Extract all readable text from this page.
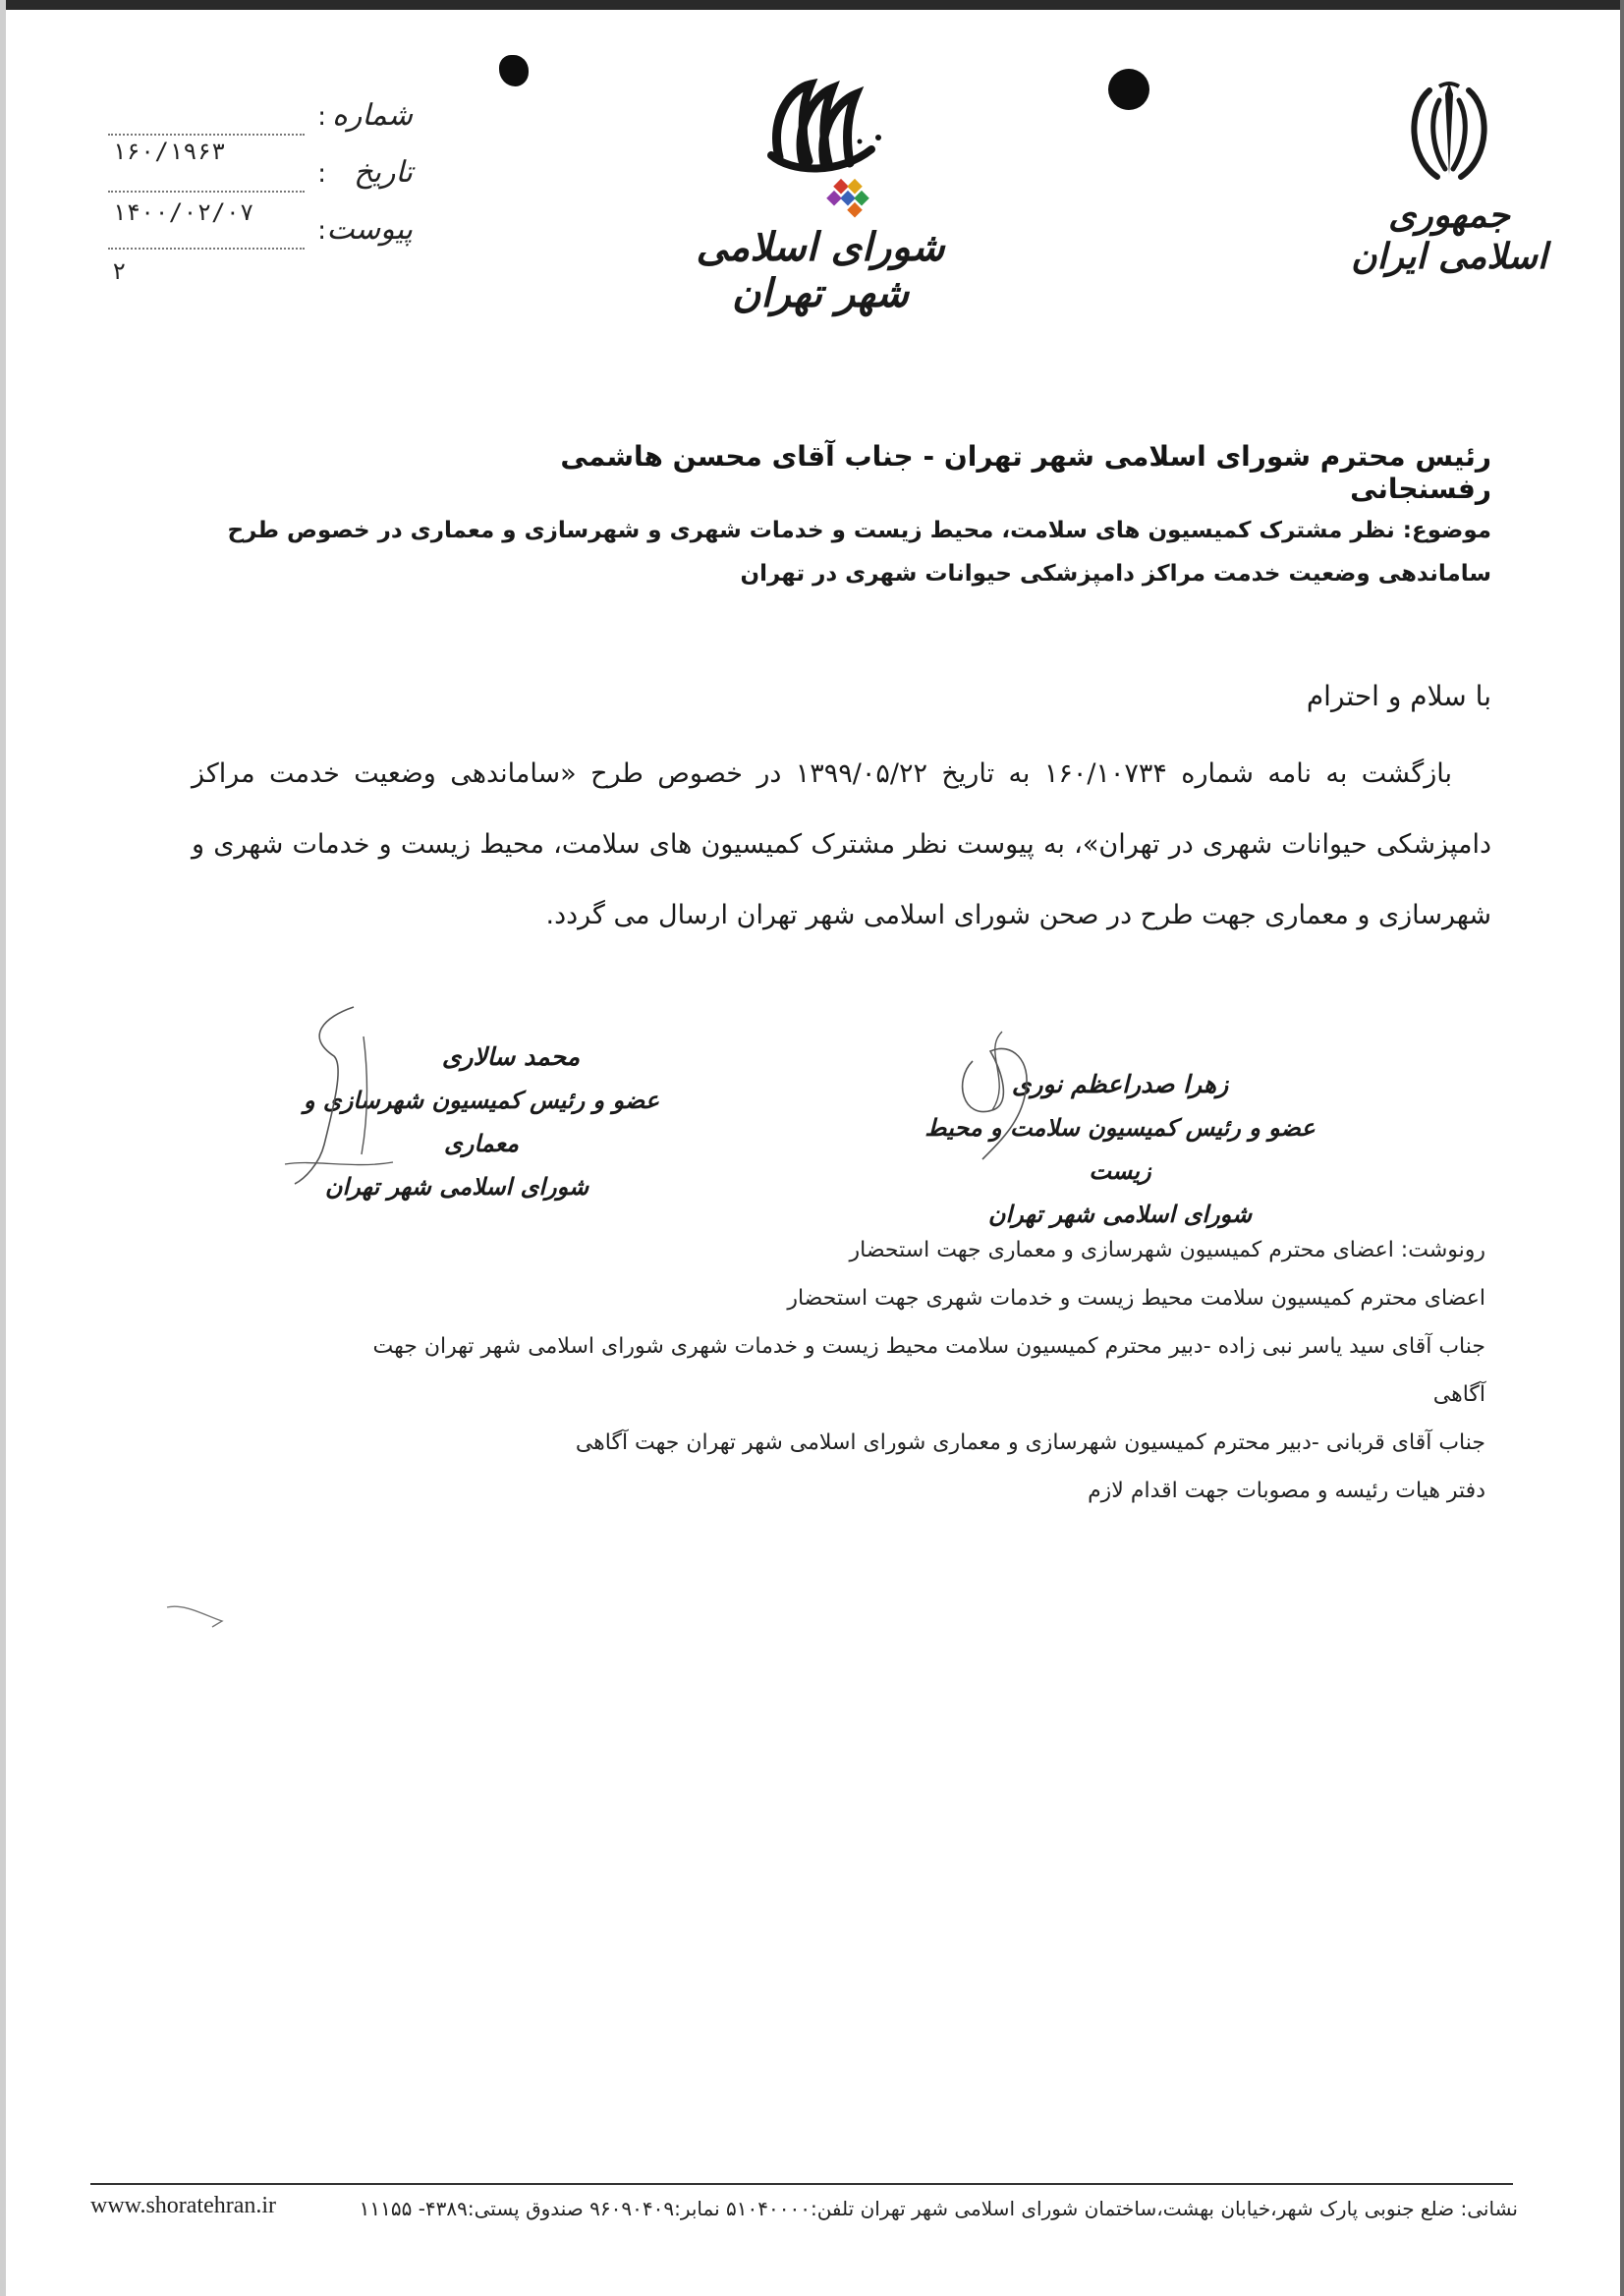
جمهوری اسلامی ایران
شورای اسلامی شهر تهران
شماره
:
۱۶۰/۱۹۶۳
تاریخ
:
۱۴۰۰/۰۲/۰۷ پیوست
:
۲
رئیس محترم شورای اسلامی شهر تهران - جناب آقای محسن هاشمی رفسنجانی
موضوع: نظر مشترک کمیسیون های سلامت، محیط زیست و خدمات شهری و شهرسازی و معماری در خصوص طرح ساماندهی وضعیت خدمت مراکز دامپزشکی حیوانات شهری در تهران
با سلام و احترام
بازگشت به نامه شماره ۱۶۰/۱۰۷۳۴ به تاریخ ۱۳۹۹/۰۵/۲۲ در خصوص طرح «ساماندهی وضعیت خدمت مراکز دامپزشکی حیوانات شهری در تهران»، به پیوست نظر مشترک کمیسیون های سلامت، محیط زیست و خدمات شهری و شهرسازی و معماری جهت طرح در صحن شورای اسلامی شهر تهران ارسال می گردد.
زهرا صدراعظم نوری
عضو و رئیس کمیسیون سلامت و محیط زیست
شورای اسلامی شهر تهران
محمد سالاری
عضو و رئیس کمیسیون شهرسازی و معماری
شورای اسلامی شهر تهران
رونوشت: اعضای محترم کمیسیون شهرسازی و معماری جهت استحضار
اعضای محترم کمیسیون سلامت محیط زیست و خدمات شهری جهت استحضار
جناب آقای سید یاسر نبی زاده -دبیر محترم کمیسیون سلامت محیط زیست و خدمات شهری شورای اسلامی شهر تهران جهت آگاهی
جناب آقای قربانی -دبیر محترم کمیسیون شهرسازی و معماری شورای اسلامی شهر تهران جهت آگاهی
دفتر هیات رئیسه و مصوبات جهت اقدام لازم
نشانی: ضلع جنوبی پارک شهر،خیابان بهشت،ساختمان شورای اسلامی شهر تهران تلفن:۵۱۰۴۰۰۰۰ نمابر:۹۶۰۹۰۴۰۹ صندوق پستی:۴۳۸۹- ۱۱۱۵۵
www.shoratehran.ir
